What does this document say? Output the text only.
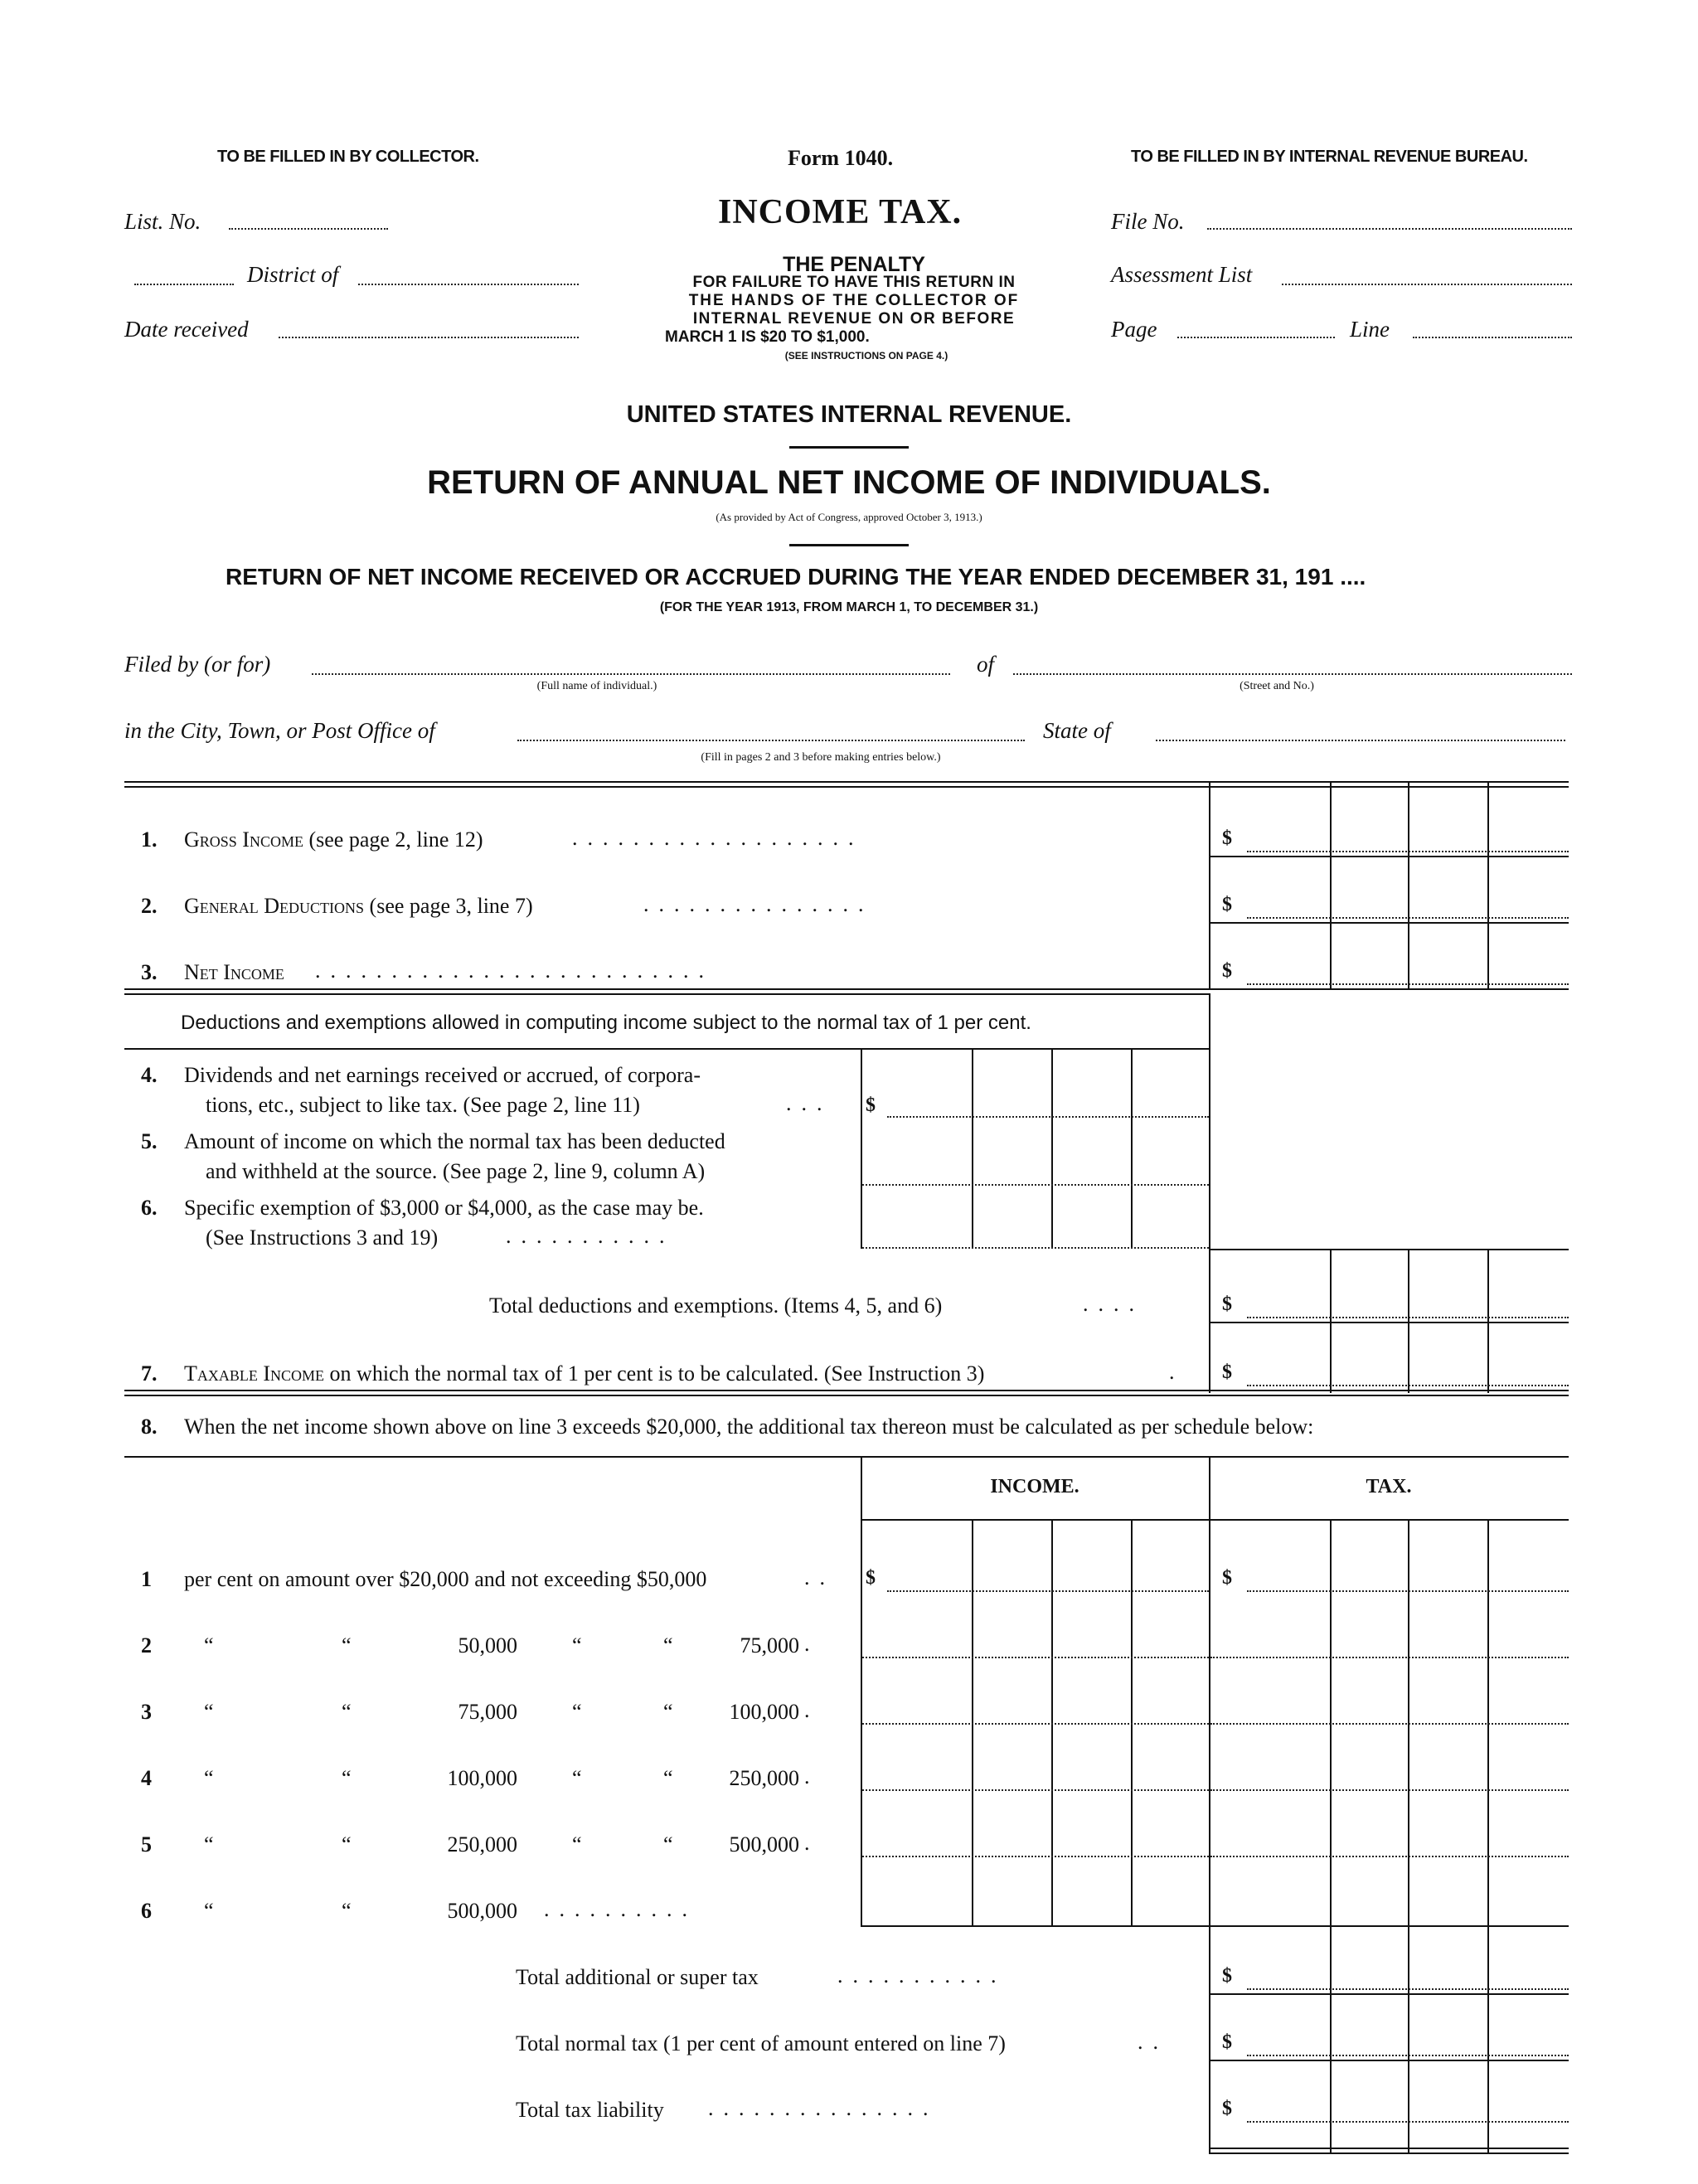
TO BE FILLED IN BY COLLECTOR.	Form 1040.	TO BE FILLED IN BY INTERNAL REVENUE BUREAU.
INCOME TAX.
THE PENALTY
FOR FAILURE TO HAVE THIS RETURN IN
THE HANDS OF THE COLLECTOR OF
INTERNAL REVENUE ON OR BEFORE
MARCH 1 IS $20 TO $1,000.
(SEE INSTRUCTIONS ON PAGE 4.)
List. No.
District of
Date received
File No.
Assessment List
Page	Line
UNITED STATES INTERNAL REVENUE.
RETURN OF ANNUAL NET INCOME OF INDIVIDUALS.
(As provided by Act of Congress, approved October 3, 1913.)
RETURN OF NET INCOME RECEIVED OR ACCRUED DURING THE YEAR ENDED DECEMBER 31, 191 ....
(FOR THE YEAR 1913, FROM MARCH 1, TO DECEMBER 31.)
Filed by (or for)
(Full name of individual.)
of
(Street and No.)
in the City, Town, or Post Office of
(Fill in pages 2 and 3 before making entries below.)
State of
1. Gross Income (see page 2, line 12)	...................	$
2. General Deductions (see page 3, line 7)	...............	$
3. Net Income ..........................	$
Deductions and exemptions allowed in computing income subject to the normal tax of 1 per cent.
4. Dividends and net earnings received or accrued, of corpora-
tions, etc., subject to like tax. (See page 2, line 11)	... $
5. Amount of income on which the normal tax has been deducted
and withheld at the source. (See page 2, line 9, column A)
6. Specific exemption of $3,000 or $4,000, as the case may be.
(See Instructions 3 and 19)	...........
Total deductions and exemptions. (Items 4, 5, and 6)	....	$
7. Taxable Income on which the normal tax of 1 per cent is to be calculated. (See Instruction 3)	. $
8. When the net income shown above on line 3 exceeds $20,000, the additional tax thereon must be calculated as per schedule below:
INCOME.	TAX.
1 per cent on amount over $20,000 and not exceeding $50,000	.. $	$
2 “	“	50,000	“	“	75,000 .
3 “	“	75,000	“	“	100,000 .
4 “	“	100,000	“	“	250,000 .
5 “	“	250,000	“	“	500,000 .
6 “	“	500,000 ..........
Total additional or super tax	...........	$
Total normal tax (1 per cent of amount entered on line 7)	..	$
Total tax liability ...............	$
